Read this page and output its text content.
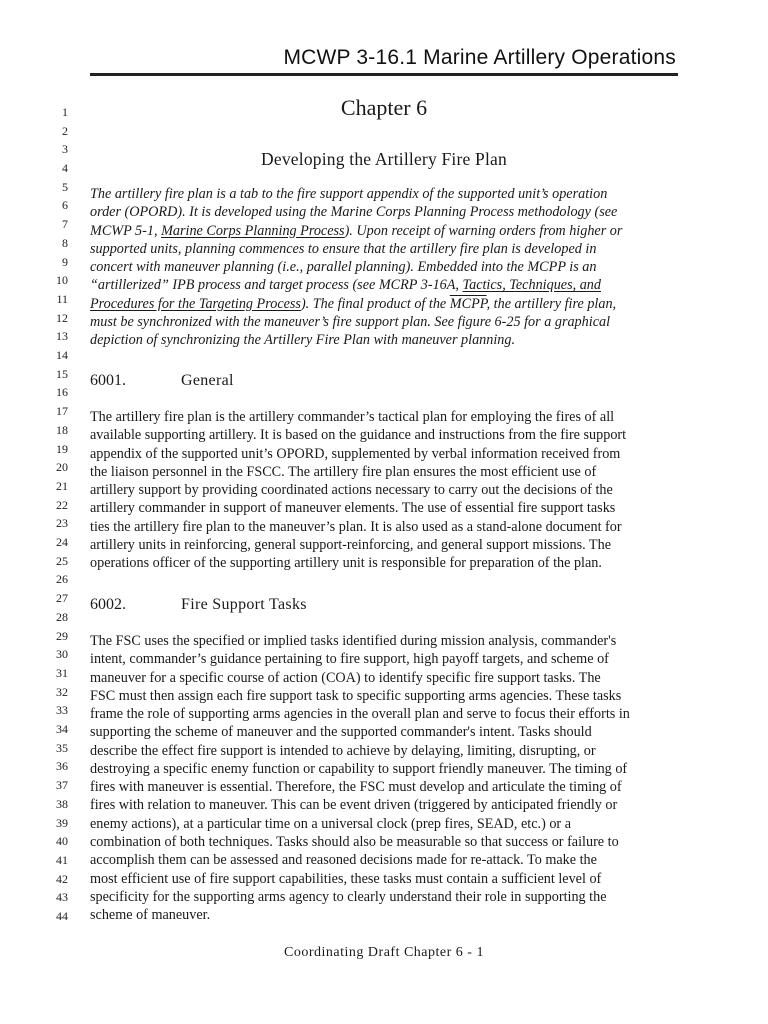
MCWP 3-16.1 Marine Artillery Operations
1
2
3
4
5
6
7
8
9
10
11
12
13
14
15
16
17
18
19
20
21
22
23
24
25
26
27
28
29
30
31
32
33
34
35
36
37
38
39
40
41
42
43
44
Chapter 6
Developing the Artillery Fire Plan
The artillery fire plan is a tab to the fire support appendix of the supported unit’s operation
order (OPORD). It is developed using the Marine Corps Planning Process methodology (see
MCWP 5-1, Marine Corps Planning Process). Upon receipt of warning orders from higher or
supported units, planning commences to ensure that the artillery fire plan is developed in
concert with maneuver planning (i.e., parallel planning). Embedded into the MCPP is an
“artillerized” IPB process and target process (see MCRP 3-16A, Tactics, Techniques, and
Procedures for the Targeting Process). The final product of the MCPP, the artillery fire plan,
must be synchronized with the maneuver’s fire support plan. See figure 6-25 for a graphical
depiction of synchronizing the Artillery Fire Plan with maneuver planning.
6001.	General
The artillery fire plan is the artillery commander’s tactical plan for employing the fires of all
available supporting artillery. It is based on the guidance and instructions from the fire support
appendix of the supported unit’s OPORD, supplemented by verbal information received from
the liaison personnel in the FSCC. The artillery fire plan ensures the most efficient use of
artillery support by providing coordinated actions necessary to carry out the decisions of the
artillery commander in support of maneuver elements. The use of essential fire support tasks
ties the artillery fire plan to the maneuver’s plan. It is also used as a stand-alone document for
artillery units in reinforcing, general support-reinforcing, and general support missions. The
operations officer of the supporting artillery unit is responsible for preparation of the plan.
6002.	Fire Support Tasks
The FSC uses the specified or implied tasks identified during mission analysis, commander's
intent, commander’s guidance pertaining to fire support, high payoff targets, and scheme of
maneuver for a specific course of action (COA) to identify specific fire support tasks. The
FSC must then assign each fire support task to specific supporting arms agencies. These tasks
frame the role of supporting arms agencies in the overall plan and serve to focus their efforts in
supporting the scheme of maneuver and the supported commander's intent. Tasks should
describe the effect fire support is intended to achieve by delaying, limiting, disrupting, or
destroying a specific enemy function or capability to support friendly maneuver. The timing of
fires with maneuver is essential. Therefore, the FSC must develop and articulate the timing of
fires with relation to maneuver. This can be event driven (triggered by anticipated friendly or
enemy actions), at a particular time on a universal clock (prep fires, SEAD, etc.) or a
combination of both techniques. Tasks should also be measurable so that success or failure to
accomplish them can be assessed and reasoned decisions made for re-attack. To make the
most efficient use of fire support capabilities, these tasks must contain a sufficient level of
specificity for the supporting arms agency to clearly understand their role in supporting the
scheme of maneuver.
Coordinating Draft Chapter 6 - 1
